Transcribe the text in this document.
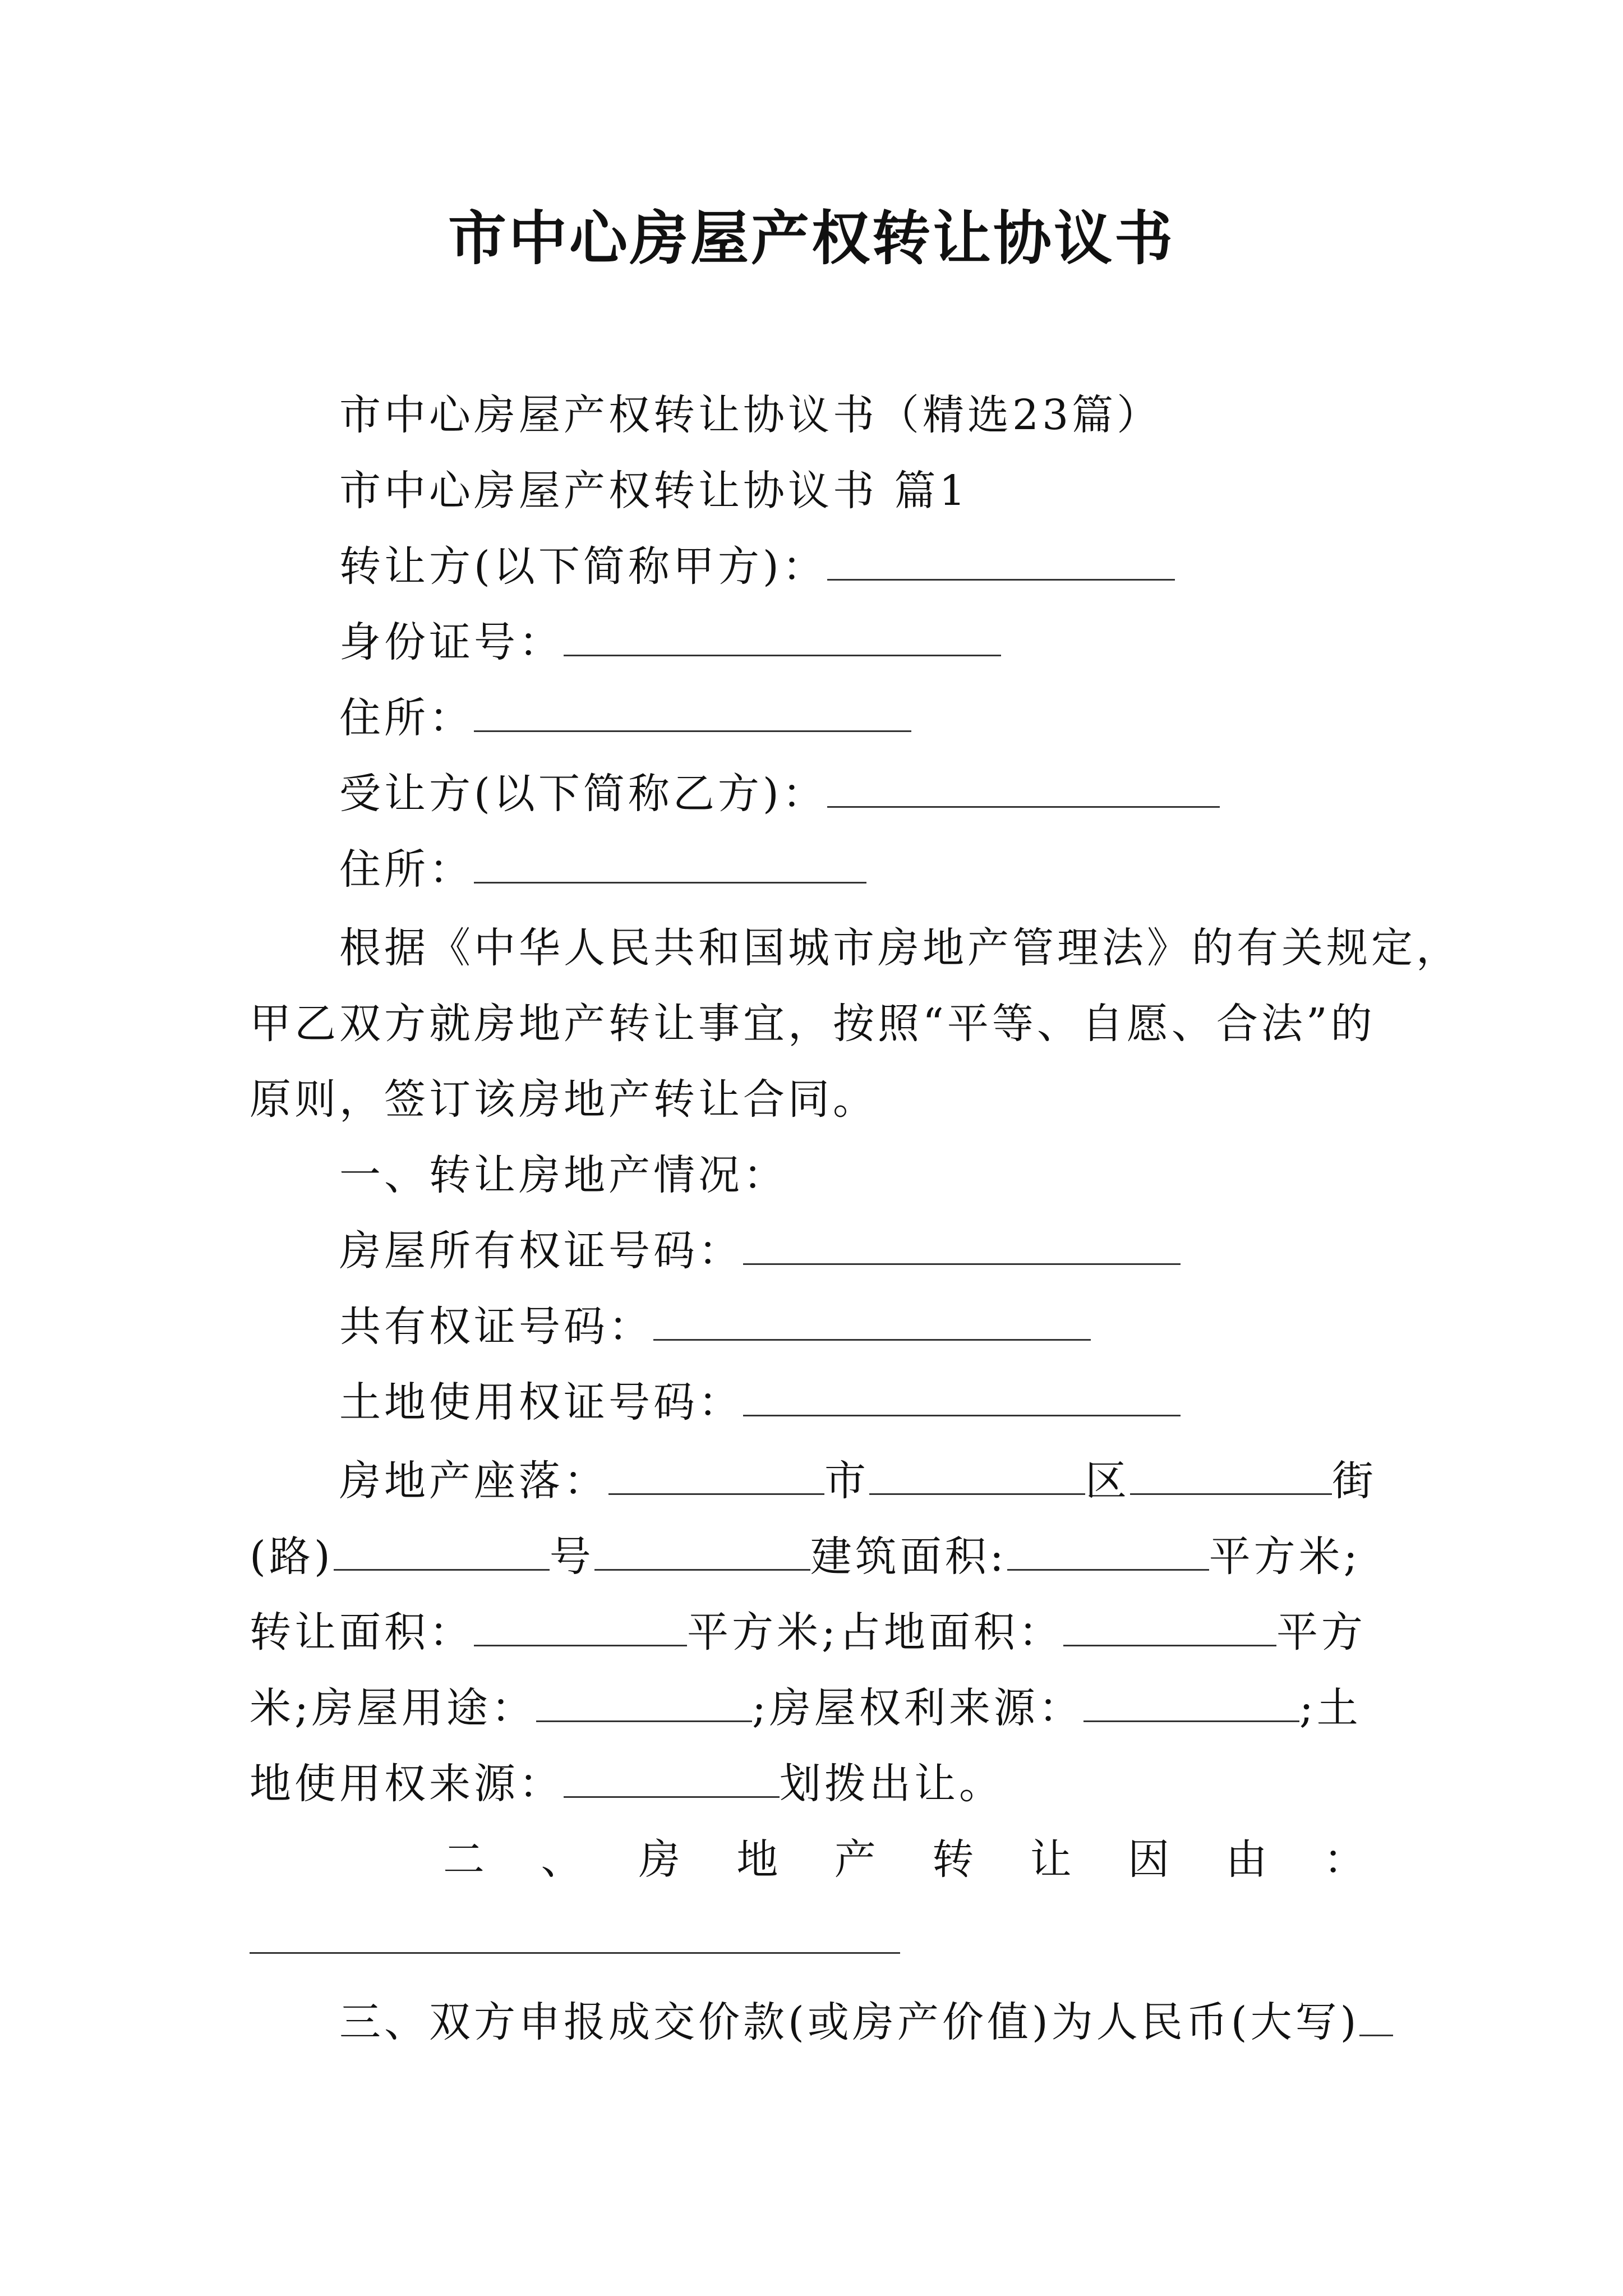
市中心房屋产权转让协议书
市中心房屋产权转让协议书（精选23篇）
市中心房屋产权转让协议书 篇1
转让方(以下简称甲方)：
身份证号：
住所：
受让方(以下简称乙方)：
住所：
根据《中华人民共和国城市房地产管理法》的有关规定，
甲乙双方就房地产转让事宜，按照“平等、自愿、合法”的
原则，签订该房地产转让合同。
一、转让房地产情况：
房屋所有权证号码：
共有权证号码：
土地使用权证号码：
房地产座落：	市	区	街
(路)	号	建筑面积:	平方米;
转让面积：	平方米;占地面积：	平方
米;房屋用途：	;房屋权利来源：	;土
地使用权来源：	划拨出让。
二 、 房 地 产 转 让 因 由 ：
三、双方申报成交价款(或房产价值)为人民币(大写)
